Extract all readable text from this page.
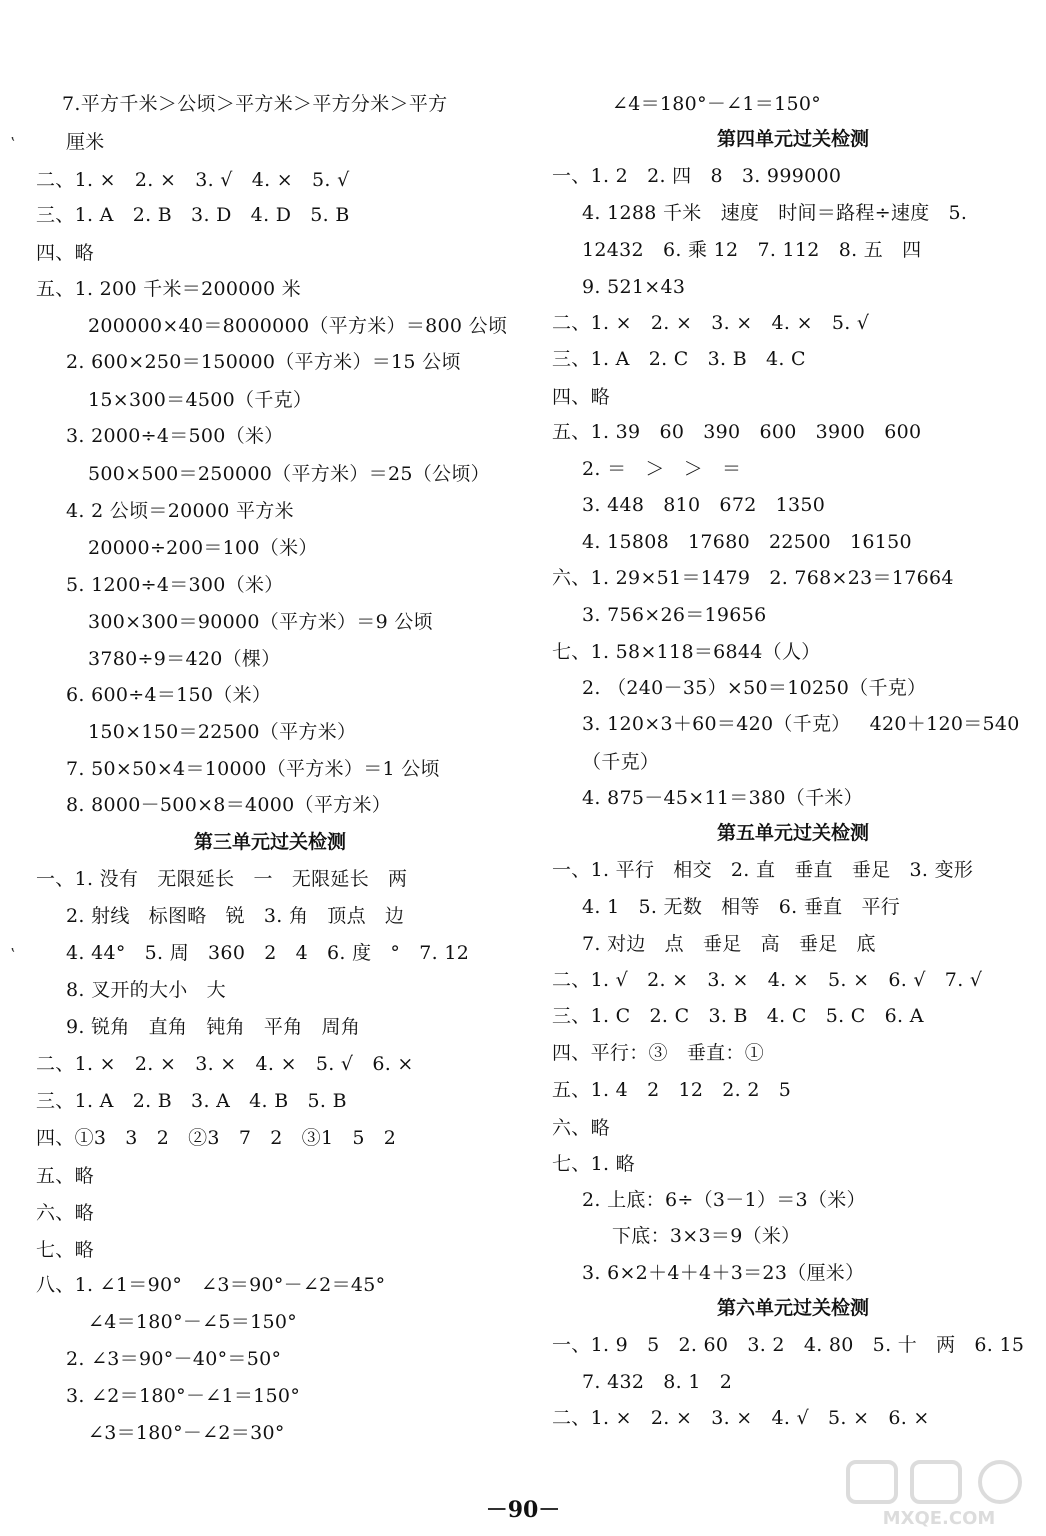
第三单元过关检测
7.平方千米＞公顷＞平方米＞平方分米＞平方
厘米
二、1. ×   2. ×   3. √   4. ×   5. √
三、1. A   2. B   3. D   4. D   5. B
四、略
五、1. 200 千米＝200000 米
200000×40＝8000000（平方米）＝800 公顷
2. 600×250＝150000（平方米）＝15 公顷
15×300＝4500（千克）
3. 2000÷4＝500（米）
500×500＝250000（平方米）＝25（公顷）
4. 2 公顷＝20000 平方米
20000÷200＝100（米）
5. 1200÷4＝300（米）
300×300＝90000（平方米）＝9 公顷
3780÷9＝420（棵）
6. 600÷4＝150（米）
150×150＝22500（平方米）
7. 50×50×4＝10000（平方米）＝1 公顷
8. 8000－500×8＝4000（平方米）
一、1. 没有   无限延长   一   无限延长   两
2. 射线   标图略   锐   3. 角   顶点   边
4. 44°   5. 周   360   2   4   6. 度   °   7. 12
8. 叉开的大小   大
9. 锐角   直角   钝角   平角   周角
二、1. ×   2. ×   3. ×   4. ×   5. √   6. ×
三、1. A   2. B   3. A   4. B   5. B
四、①3   3   2   ②3   7   2   ③1   5   2
五、略
六、略
七、略
八、1. ∠1＝90°   ∠3＝90°－∠2＝45°
∠4＝180°－∠5＝150°
2. ∠3＝90°－40°＝50°
3. ∠2＝180°－∠1＝150°
∠3＝180°－∠2＝30°
第四单元过关检测
第五单元过关检测
第六单元过关检测
∠4＝180°－∠1＝150°
一、1. 2   2. 四   8   3. 999000
4. 1288 千米   速度   时间＝路程÷速度   5.
12432   6. 乘 12   7. 112   8. 五   四
9. 521×43
二、1. ×   2. ×   3. ×   4. ×   5. √
三、1. A   2. C   3. B   4. C
四、略
五、1. 39   60   390   600   3900   600
2. ＝   ＞   ＞   ＝
3. 448   810   672   1350
4. 15808   17680   22500   16150
六、1. 29×51＝1479   2. 768×23＝17664
3. 756×26＝19656
七、1. 58×118＝6844（人）
2. （240－35）×50＝10250（千克）
3. 120×3＋60＝420（千克）   420＋120＝540
（千克）
4. 875－45×11＝380（千米）
一、1. 平行   相交   2. 直   垂直   垂足   3. 变形
4. 1   5. 无数   相等   6. 垂直   平行
7. 对边   点   垂足   高   垂足   底
二、1. √   2. ×   3. ×   4. ×   5. ×   6. √   7. √
三、1. C   2. C   3. B   4. C   5. C   6. A
四、平行：③   垂直：①
五、1. 4   2   12   2. 2   5
六、略
七、1. 略
2. 上底：6÷（3－1）＝3（米）
下底：3×3＝9（米）
3. 6×2＋4＋4＋3＝23（厘米）
一、1. 9   5   2. 60   3. 2   4. 80   5. 十   两   6. 15
7. 432   8. 1   2
二、1. ×   2. ×   3. ×   4. √   5. ×   6. ×
ʽ
ʽ
－90－	MXQE.COM
